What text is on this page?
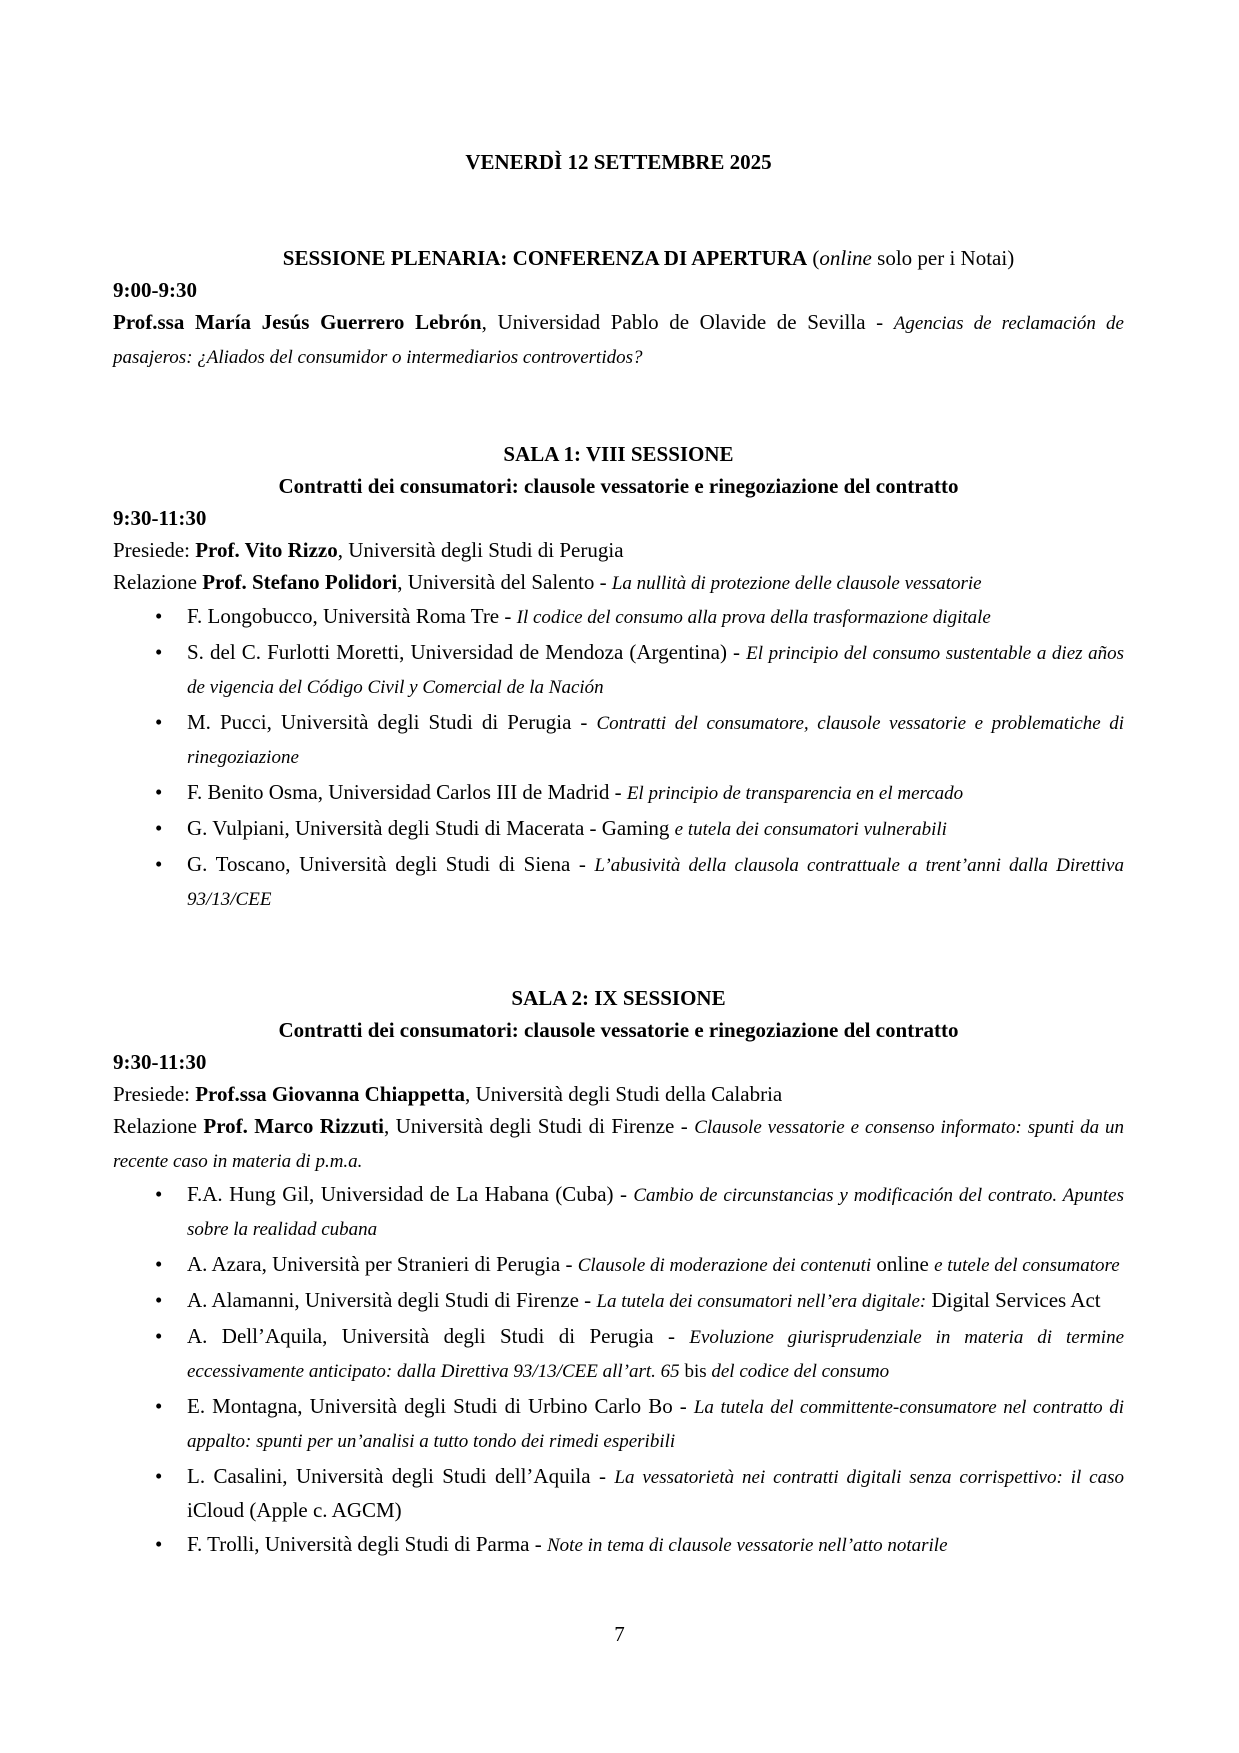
VENERDÌ 12 SETTEMBRE 2025

SESSIONE PLENARIA: CONFERENZA DI APERTURA (online solo per i Notai)

9:00-9:30

Prof.ssa María Jesús Guerrero Lebrón, Universidad Pablo de Olavide de Sevilla - Agencias de reclamación de pasajeros: ¿Aliados del consumidor o intermediarios controvertidos?

SALA 1: VIII SESSIONE

Contratti dei consumatori: clausole vessatorie e rinegoziazione del contratto

9:30-11:30

Presiede: Prof. Vito Rizzo, Università degli Studi di Perugia

Relazione Prof. Stefano Polidori, Università del Salento - La nullità di protezione delle clausole vessatorie

• F. Longobucco, Università Roma Tre - Il codice del consumo alla prova della trasformazione digitale
• S. del C. Furlotti Moretti, Universidad de Mendoza (Argentina) - El principio del consumo sustentable a diez años de vigencia del Código Civil y Comercial de la Nación
• M. Pucci, Università degli Studi di Perugia - Contratti del consumatore, clausole vessatorie e problematiche di rinegoziazione
• F. Benito Osma, Universidad Carlos III de Madrid - El principio de transparencia en el mercado
• G. Vulpiani, Università degli Studi di Macerata - Gaming e tutela dei consumatori vulnerabili
• G. Toscano, Università degli Studi di Siena - L’abusività della clausola contrattuale a trent’anni dalla Direttiva 93/13/CEE

SALA 2: IX SESSIONE

Contratti dei consumatori: clausole vessatorie e rinegoziazione del contratto

9:30-11:30

Presiede: Prof.ssa Giovanna Chiappetta, Università degli Studi della Calabria

Relazione Prof. Marco Rizzuti, Università degli Studi di Firenze - Clausole vessatorie e consenso informato: spunti da un recente caso in materia di p.m.a.

• F.A. Hung Gil, Universidad de La Habana (Cuba) - Cambio de circunstancias y modificación del contrato. Apuntes sobre la realidad cubana
• A. Azara, Università per Stranieri di Perugia - Clausole di moderazione dei contenuti online e tutele del consumatore
• A. Alamanni, Università degli Studi di Firenze - La tutela dei consumatori nell’era digitale: Digital Services Act
• A. Dell’Aquila, Università degli Studi di Perugia - Evoluzione giurisprudenziale in materia di termine eccessivamente anticipato: dalla Direttiva 93/13/CEE all’art. 65 bis del codice del consumo
• E. Montagna, Università degli Studi di Urbino Carlo Bo - La tutela del committente-consumatore nel contratto di appalto: spunti per un’analisi a tutto tondo dei rimedi esperibili
• L. Casalini, Università degli Studi dell’Aquila - La vessatorietà nei contratti digitali senza corrispettivo: il caso iCloud (Apple c. AGCM)
• F. Trolli, Università degli Studi di Parma - Note in tema di clausole vessatorie nell’atto notarile
7
